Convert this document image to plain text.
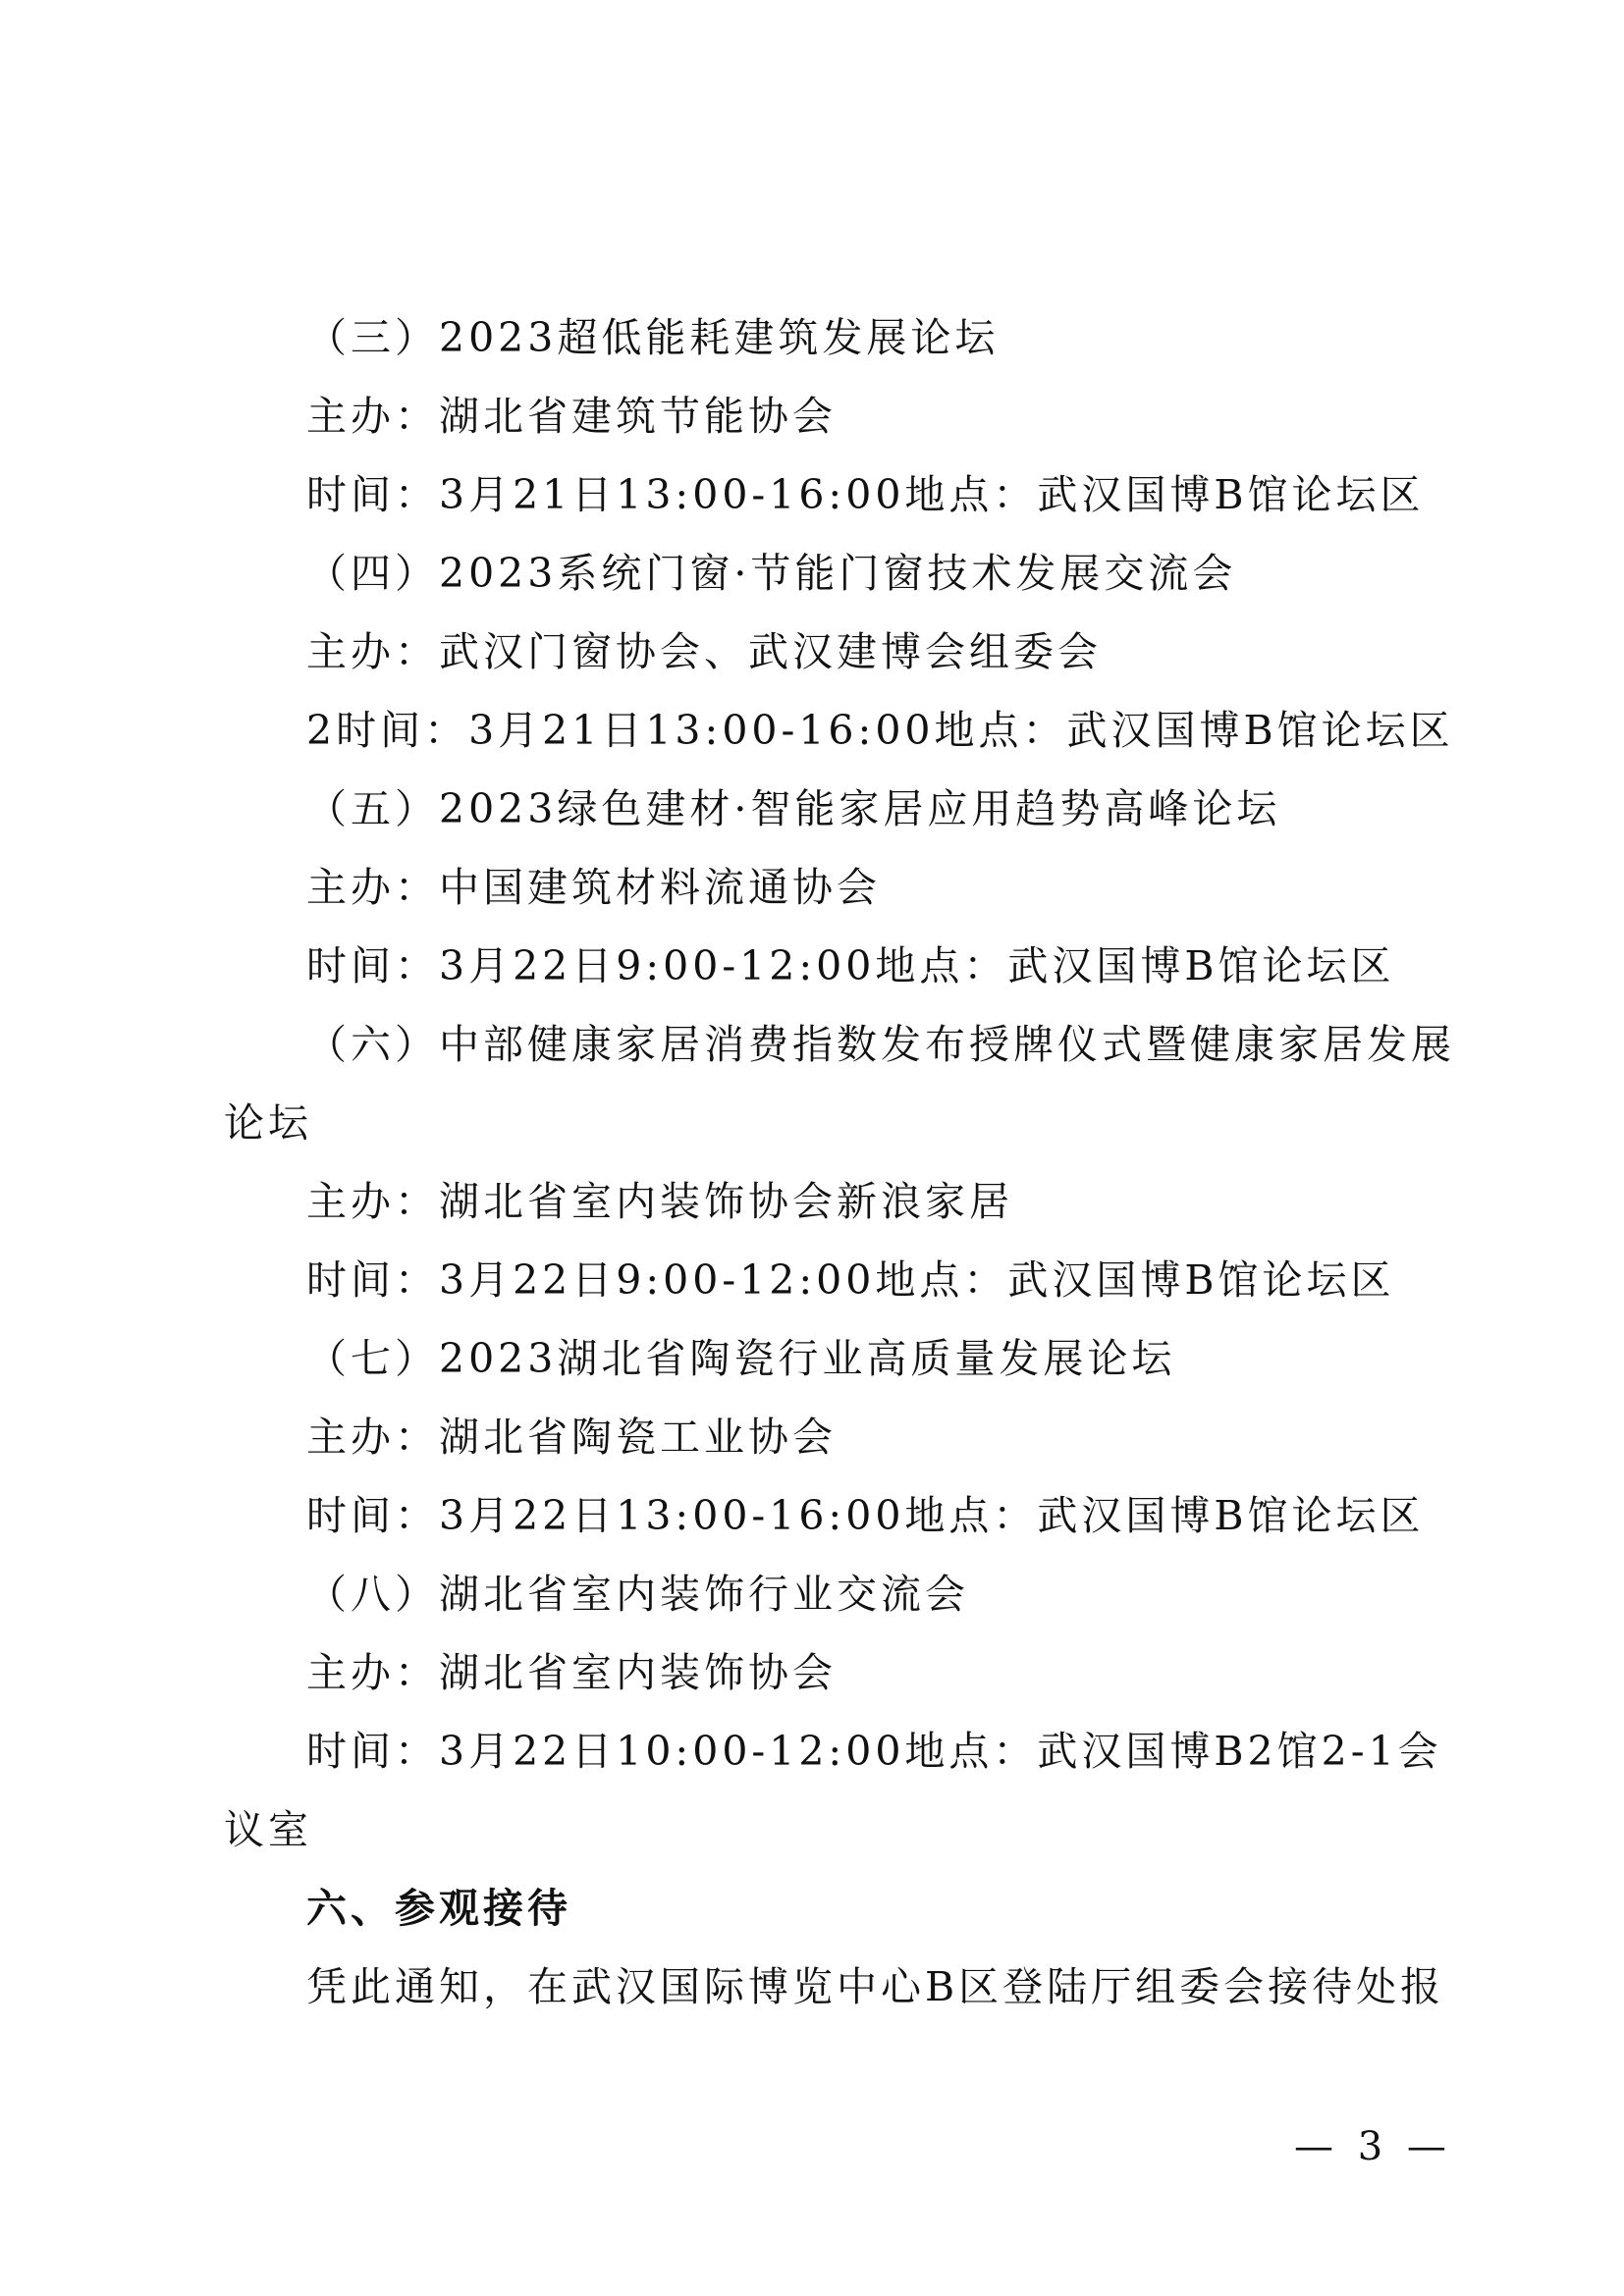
（三）2023超低能耗建筑发展论坛
主办：湖北省建筑节能协会
时间：3月21日13:00-16:00地点：武汉国博B馆论坛区
（四）2023系统门窗·节能门窗技术发展交流会
主办：武汉门窗协会、武汉建博会组委会
2时间：3月21日13:00-16:00地点：武汉国博B馆论坛区
（五）2023绿色建材·智能家居应用趋势高峰论坛
主办：中国建筑材料流通协会
时间：3月22日9:00-12:00地点：武汉国博B馆论坛区
（六）中部健康家居消费指数发布授牌仪式暨健康家居发展
论坛
主办：湖北省室内装饰协会新浪家居
时间：3月22日9:00-12:00地点：武汉国博B馆论坛区
（七）2023湖北省陶瓷行业高质量发展论坛
主办：湖北省陶瓷工业协会
时间：3月22日13:00-16:00地点：武汉国博B馆论坛区
（八）湖北省室内装饰行业交流会
主办：湖北省室内装饰协会
时间：3月22日10:00-12:00地点：武汉国博B2馆2-1会
议室
六、参观接待
凭此通知，在武汉国际博览中心B区登陆厅组委会接待处报
— 3 —
